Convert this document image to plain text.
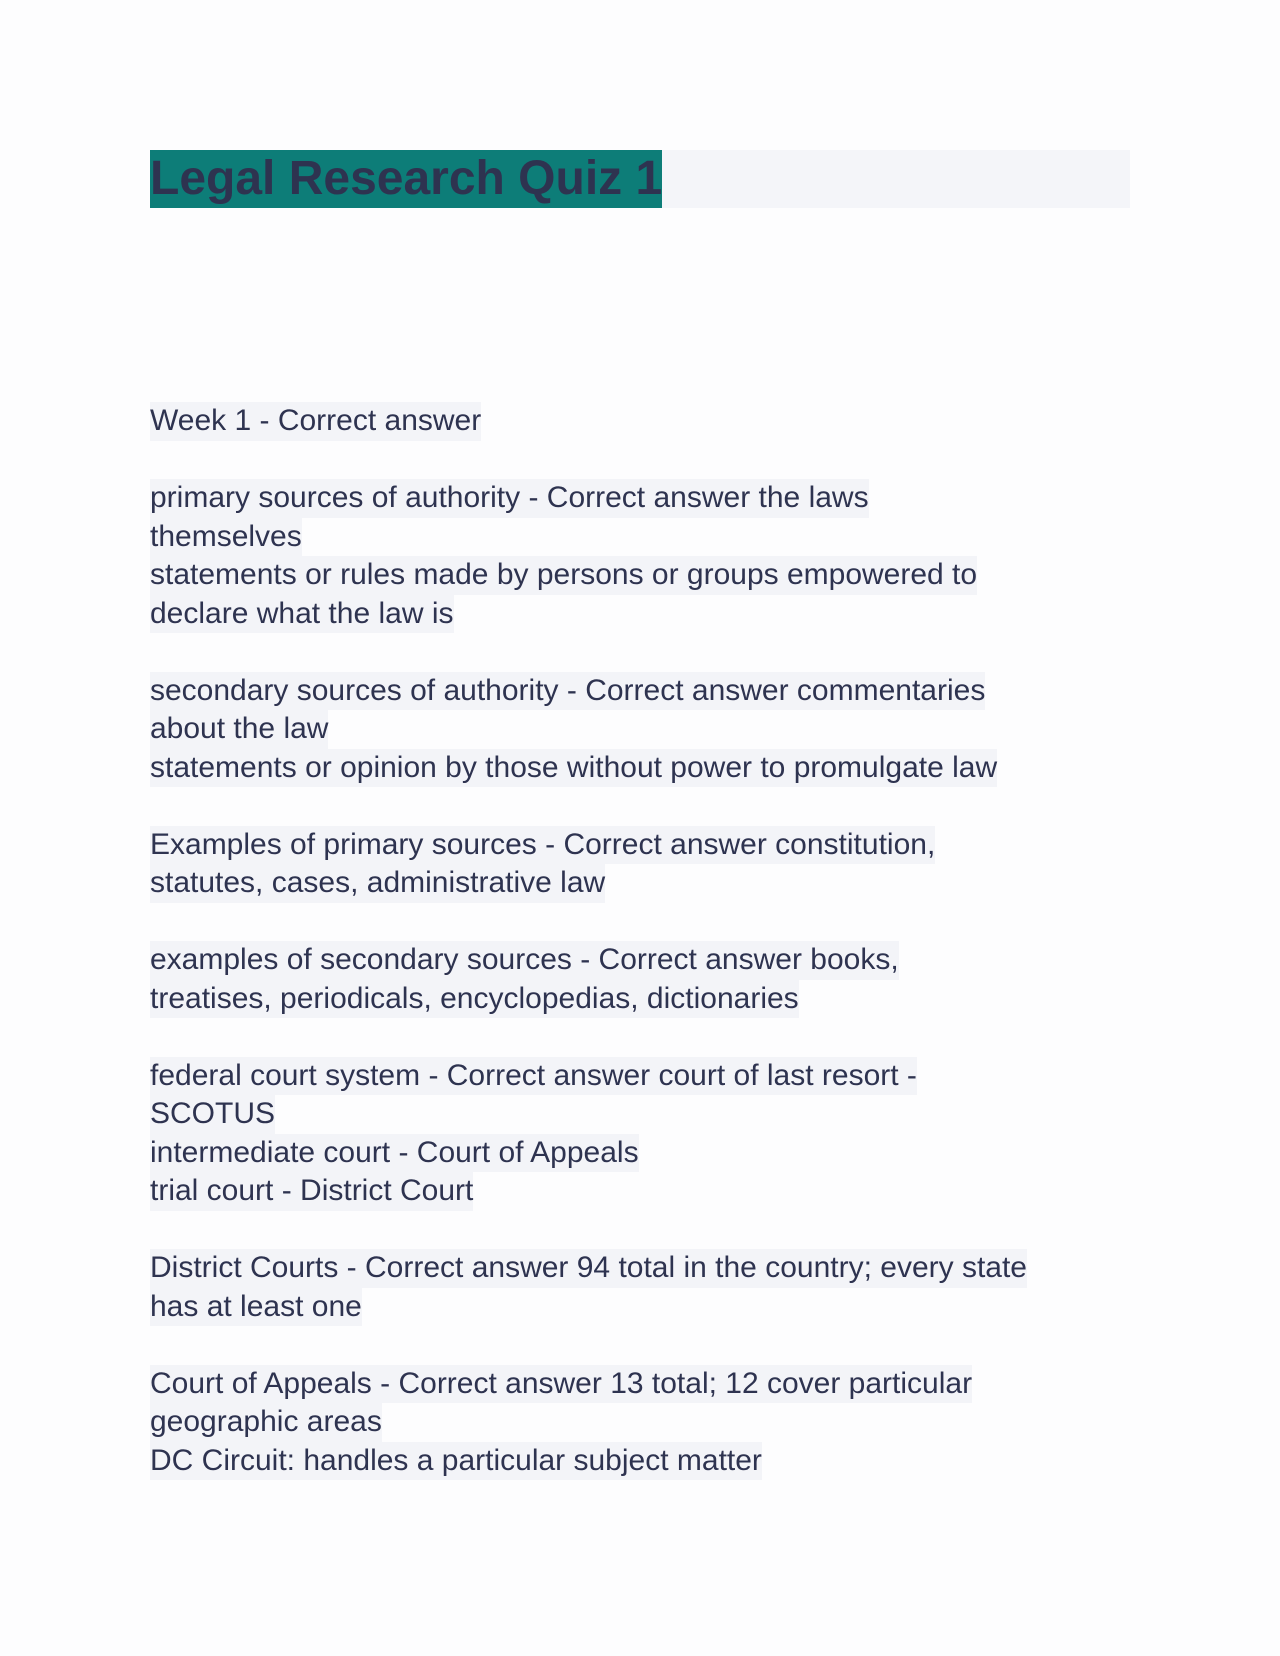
Legal Research Quiz 1
Week 1 - Correct answer
primary sources of authority - Correct answer the laws
themselves
statements or rules made by persons or groups empowered to
declare what the law is
secondary sources of authority - Correct answer commentaries
about the law
statements or opinion by those without power to promulgate law
Examples of primary sources - Correct answer constitution,
statutes, cases, administrative law
examples of secondary sources - Correct answer books,
treatises, periodicals, encyclopedias, dictionaries
federal court system - Correct answer court of last resort -
SCOTUS
intermediate court - Court of Appeals
trial court - District Court
District Courts - Correct answer 94 total in the country; every state
has at least one
Court of Appeals - Correct answer 13 total; 12 cover particular
geographic areas
DC Circuit: handles a particular subject matter
